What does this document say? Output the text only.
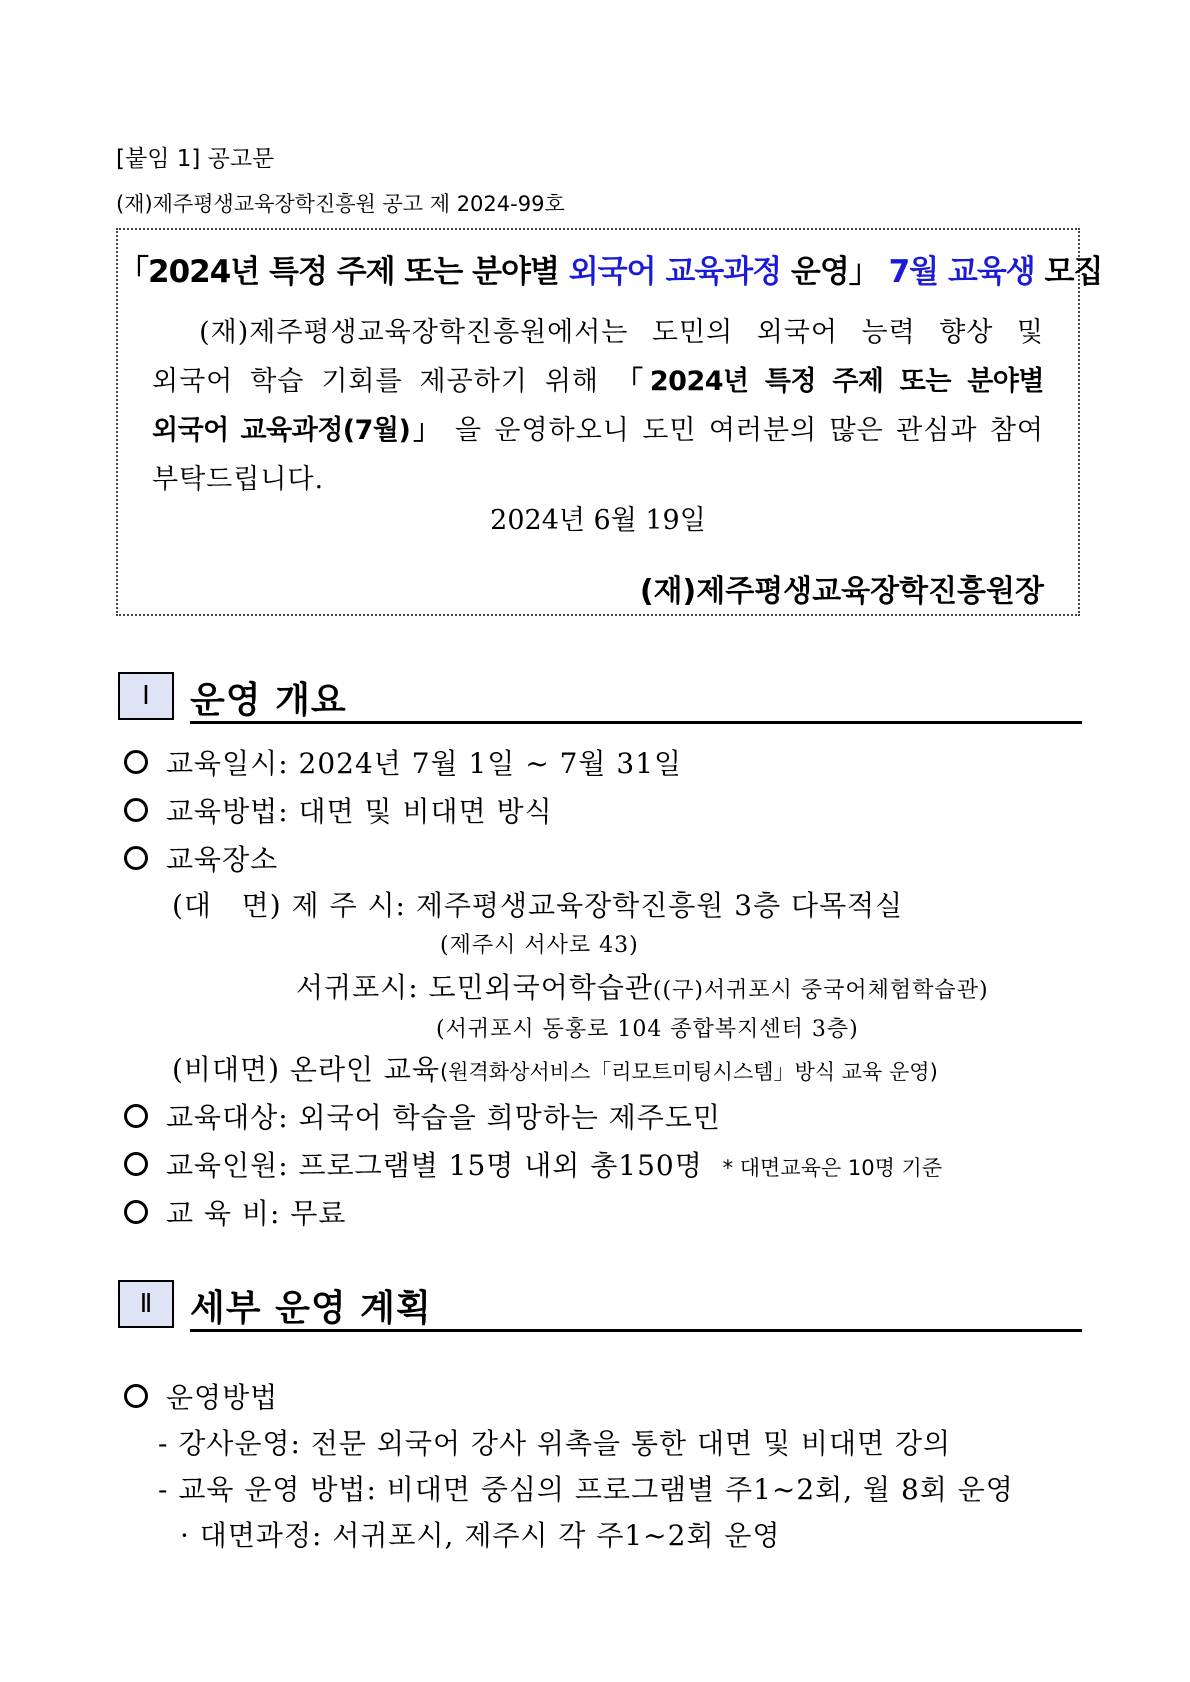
[붙임 1] 공고문
(재)제주평생교육장학진흥원 공고 제 2024-99호
「2024년 특정 주제 또는 분야별 외국어 교육과정 운영」 7월 교육생 모집
(재)제주평생교육장학진흥원에서는 도민의 외국어 능력 향상 및
외국어 학습 기회를 제공하기 위해 「2024년 특정 주제 또는 분야별
외국어 교육과정(7월)」 을 운영하오니 도민 여러분의 많은 관심과 참여
부탁드립니다.
2024년 6월 19일
(재)제주평생교육장학진흥원장
Ⅰ	운영 개요
교육일시: 2024년 7월 1일 ~ 7월 31일
교육방법: 대면 및 비대면 방식
교육장소
(대   면) 제 주 시: 제주평생교육장학진흥원 3층 다목적실
(제주시 서사로 43)
서귀포시: 도민외국어학습관((구)서귀포시 중국어체험학습관)
(서귀포시 동홍로 104 종합복지센터 3층)
(비대면) 온라인 교육(원격화상서비스「리모트미팅시스템」방식 교육 운영)
교육대상: 외국어 학습을 희망하는 제주도민
교육인원: 프로그램별 15명 내외 총150명 * 대면교육은 10명 기준
교 육 비: 무료
Ⅱ	세부 운영 계획
운영방법
- 강사운영: 전문 외국어 강사 위촉을 통한 대면 및 비대면 강의
- 교육 운영 방법: 비대면 중심의 프로그램별 주1~2회, 월 8회 운영
· 대면과정: 서귀포시, 제주시 각 주1~2회 운영
